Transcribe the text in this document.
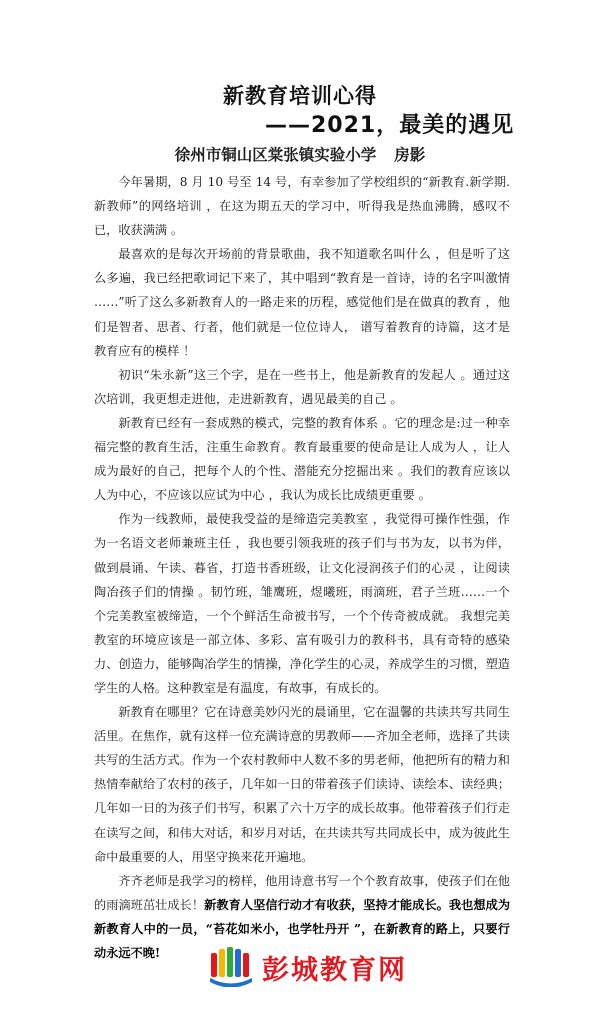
新教育培训心得
——2021，最美的遇见
徐州市铜山区棠张镇实验小学 房影

今年暑期，8 月 10 号至 14 号，有幸参加了学校组织的“新教育.新学期.新教师”的网络培训 ，在这为期五天的学习中，听得我是热血沸腾，感叹不已，收获满满 。

最喜欢的是每次开场前的背景歌曲，我不知道歌名叫什么 ，但是听了这么多遍，我已经把歌词记下来了，其中唱到“教育是一首诗，诗的名字叫激情 ……”听了这么多新教育人的一路走来的历程，感觉他们是在做真的教育 ，他们是智者、思者、行者，他们就是一位位诗人， 谱写着教育的诗篇，这才是教育应有的模样 ！

初识“朱永新”这三个字，是在一些书上，他是新教育的发起人 。通过这次培训，我更想走进他，走进新教育，遇见最美的自己 。

新教育已经有一套成熟的模式，完整的教育体系 。它的理念是:过一种幸福完整的教育生活，注重生命教育。教育最重要的使命是让人成为人 ，让人成为最好的自己，把每个人的个性、潜能充分挖掘出来 。我们的教育应该以人为中心，不应该以应试为中心 ，我认为成长比成绩更重要 。

作为一线教师，最使我受益的是缔造完美教室 ，我觉得可操作性强，作为一名语文老师兼班主任 ，我也要引领我班的孩子们与书为友，以书为伴， 做到晨诵、午读、暮省，打造书香班级，让文化浸润孩子们的心灵 ，让阅读陶冶孩子们的情操 。韧竹班，雏鹰班，煜曦班，雨滴班，君子兰班……一个个完美教室被缔造，一个个鲜活生命被书写，一个个传奇被成就。 我想完美教室的环境应该是一部立体、多彩、富有吸引力的教科书，具有奇特的感染力、创造力，能够陶冶学生的情操，净化学生的心灵，养成学生的习惯，塑造学生的人格。这种教室是有温度，有故事，有成长的。

新教育在哪里？它在诗意美妙闪光的晨诵里，它在温馨的共读共写共同生活里。在焦作，就有这样一位充满诗意的男教师——齐加全老师，选择了共读共写的生活方式。作为一个农村教师中人数不多的男老师，他把所有的精力和热情奉献给了农村的孩子，几年如一日的带着孩子们读诗、读绘本、读经典；几年如一日的为孩子们书写，积累了六十万字的成长故事。他带着孩子们行走在读写之间，和伟大对话，和岁月对话，在共读共写共同成长中，成为彼此生命中最重要的人，用坚守换来花开遍地。

齐齐老师是我学习的榜样，他用诗意书写一个个教育故事，使孩子们在他的雨滴班茁壮成长！新教育人坚信行动才有收获，坚持才能成长。我也想成为新教育人中的一员，“苔花如米小，也学牡丹开 ”，在新教育的路上，只要行动永远不晚!

彭城教育网
